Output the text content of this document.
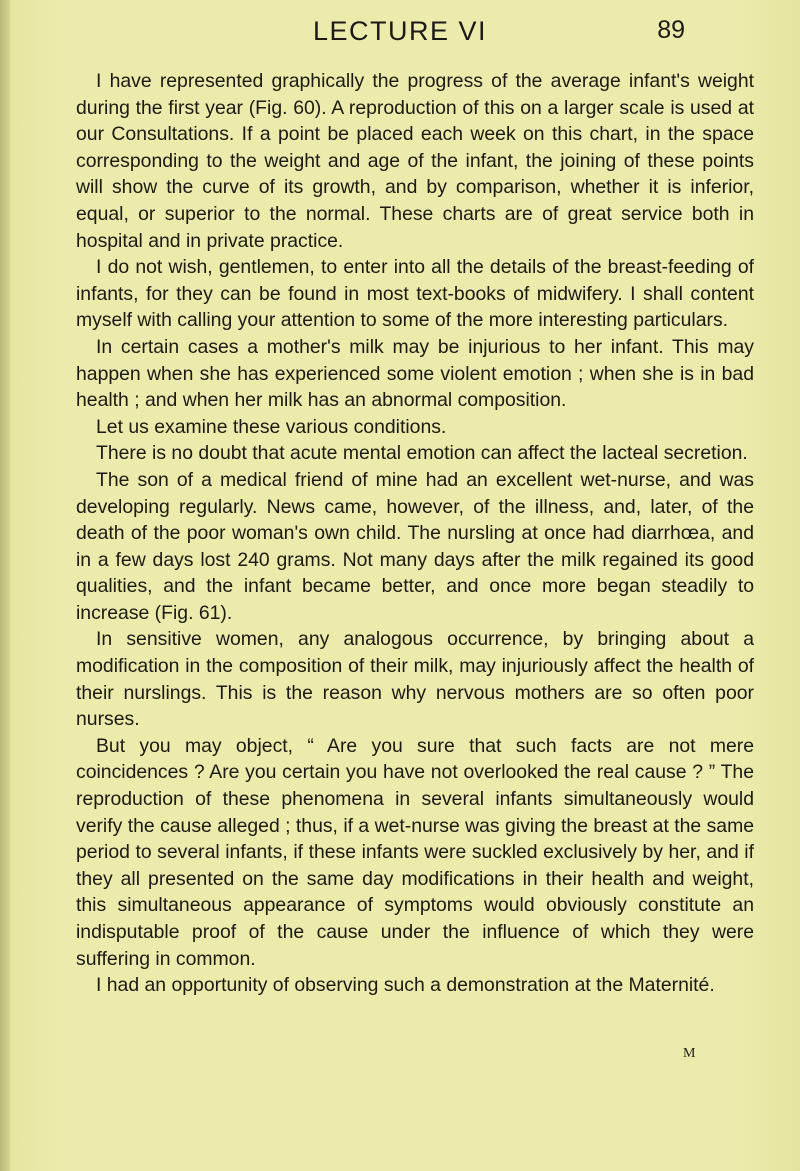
LECTURE VI	89

I have represented graphically the progress of the average infant's weight during the first year (Fig. 60). A reproduction of this on a larger scale is used at our Consultations. If a point be placed each week on this chart, in the space corresponding to the weight and age of the infant, the joining of these points will show the curve of its growth, and by comparison, whether it is inferior, equal, or superior to the normal. These charts are of great service both in hospital and in private practice.

I do not wish, gentlemen, to enter into all the details of the breast-feeding of infants, for they can be found in most text-books of midwifery. I shall content myself with calling your attention to some of the more interesting particulars.

In certain cases a mother's milk may be injurious to her infant. This may happen when she has experienced some violent emotion ; when she is in bad health ; and when her milk has an abnormal composition.

Let us examine these various conditions.

There is no doubt that acute mental emotion can affect the lacteal secretion.

The son of a medical friend of mine had an excellent wet-nurse, and was developing regularly. News came, however, of the illness, and, later, of the death of the poor woman's own child. The nursling at once had diarrhœa, and in a few days lost 240 grams. Not many days after the milk regained its good qualities, and the infant became better, and once more began steadily to increase (Fig. 61).

In sensitive women, any analogous occurrence, by bringing about a modification in the composition of their milk, may injuriously affect the health of their nurslings. This is the reason why nervous mothers are so often poor nurses.

But you may object, “ Are you sure that such facts are not mere coincidences ? Are you certain you have not overlooked the real cause ? ” The reproduction of these phenomena in several infants simultaneously would verify the cause alleged ; thus, if a wet-nurse was giving the breast at the same period to several infants, if these infants were suckled exclusively by her, and if they all presented on the same day modifications in their health and weight, this simultaneous appearance of symptoms would obviously constitute an indisputable proof of the cause under the influence of which they were suffering in common.

I had an opportunity of observing such a demonstration at the Maternité.

M
